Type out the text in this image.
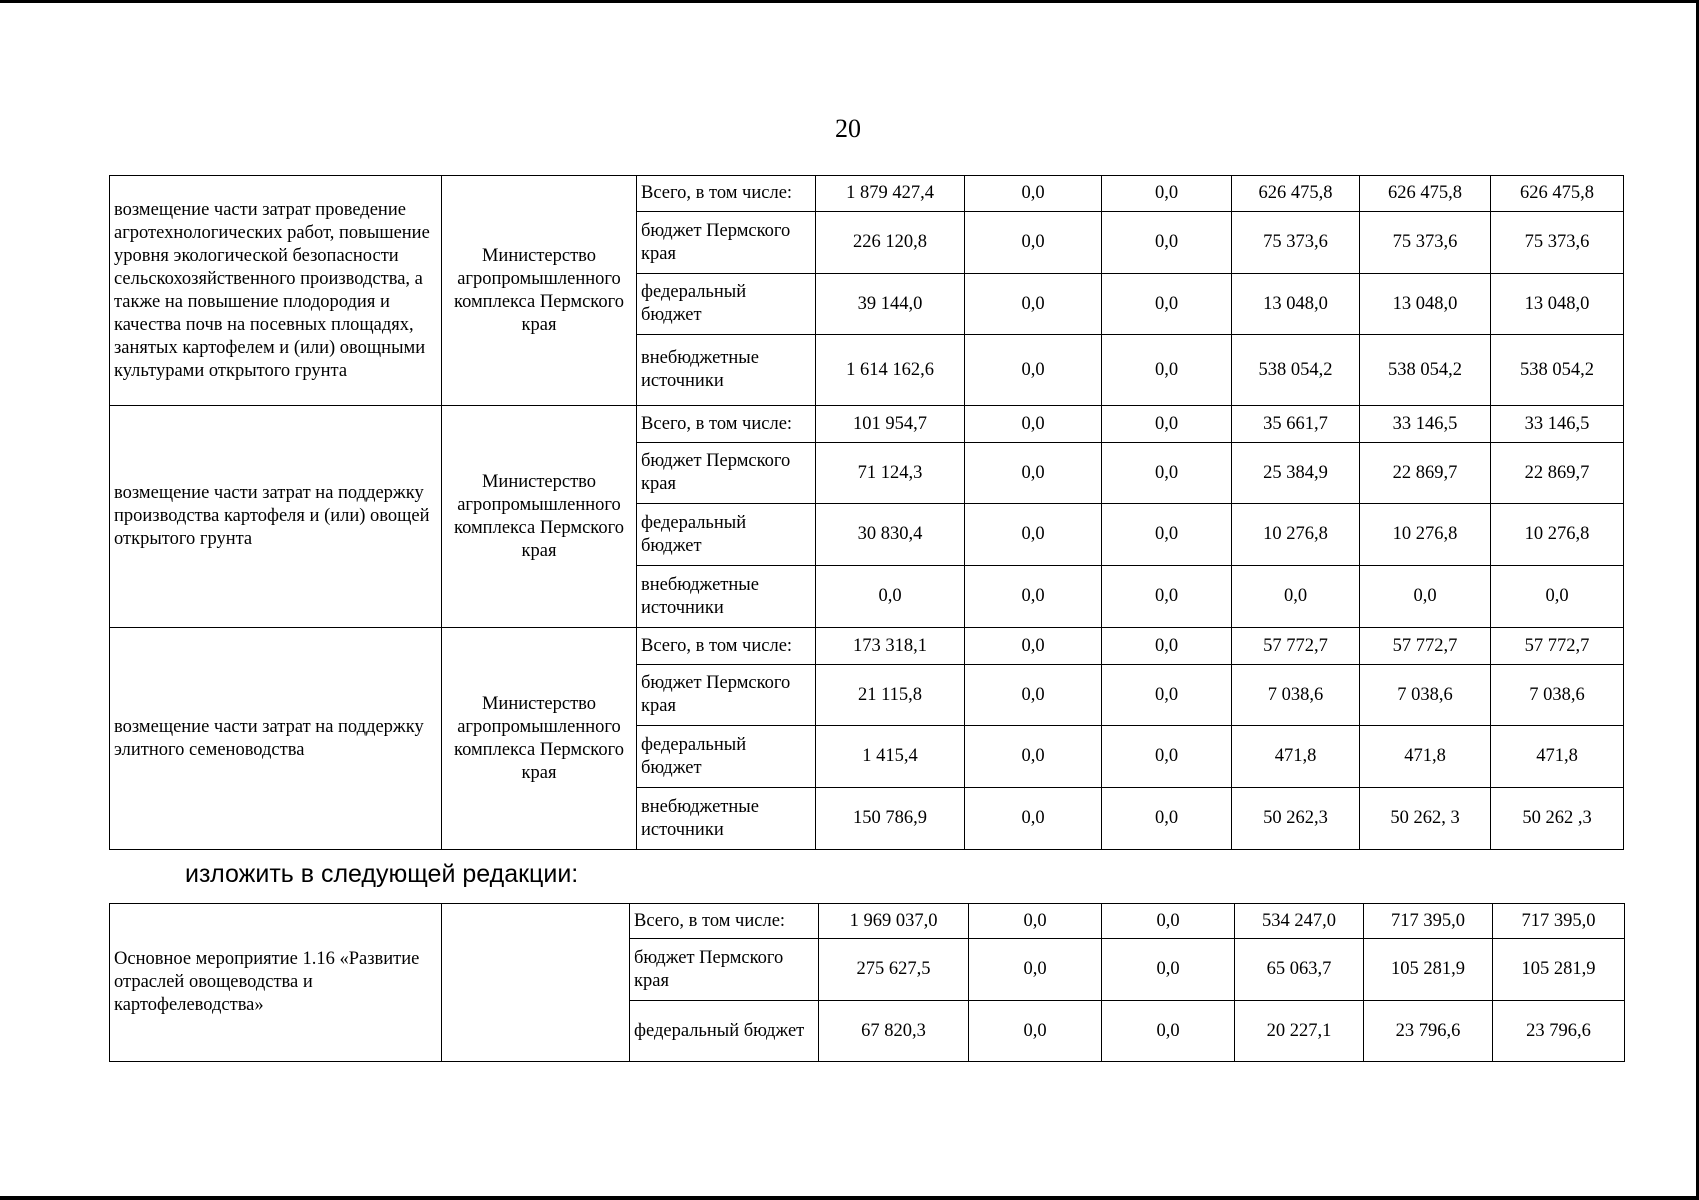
20
возмещение части затрат проведение агротехнологических работ, повышение уровня экологической безопасности сельскохозяйственного производства, а также на повышение плодородия и качества почв на посевных площадях, занятых картофелем и (или) овощными культурами открытого грунта	Министерство агропромышленного комплекса Пермского края	Всего, в том числе:	1 879 427,4	0,0	0,0	626 475,8	626 475,8	626 475,8
		бюджет Пермского края	226 120,8	0,0	0,0	75 373,6	75 373,6	75 373,6
		федеральный бюджет	39 144,0	0,0	0,0	13 048,0	13 048,0	13 048,0
		внебюджетные источники	1 614 162,6	0,0	0,0	538 054,2	538 054,2	538 054,2
возмещение части затрат на поддержку производства картофеля и (или) овощей открытого грунта	Министерство агропромышленного комплекса Пермского края	Всего, в том числе:	101 954,7	0,0	0,0	35 661,7	33 146,5	33 146,5
		бюджет Пермского края	71 124,3	0,0	0,0	25 384,9	22 869,7	22 869,7
		федеральный бюджет	30 830,4	0,0	0,0	10 276,8	10 276,8	10 276,8
		внебюджетные источники	0,0	0,0	0,0	0,0	0,0	0,0
возмещение части затрат на поддержку элитного семеноводства	Министерство агропромышленного комплекса Пермского края	Всего, в том числе:	173 318,1	0,0	0,0	57 772,7	57 772,7	57 772,7
		бюджет Пермского края	21 115,8	0,0	0,0	7 038,6	7 038,6	7 038,6
		федеральный бюджет	1 415,4	0,0	0,0	471,8	471,8	471,8
		внебюджетные источники	150 786,9	0,0	0,0	50 262,3	50 262, 3	50 262 ,3
изложить в следующей редакции:
Основное мероприятие 1.16 «Развитие отраслей овощеводства и картофелеводства»		Всего, в том числе:	1 969 037,0	0,0	0,0	534 247,0	717 395,0	717 395,0
		бюджет Пермского края	275 627,5	0,0	0,0	65 063,7	105 281,9	105 281,9
		федеральный бюджет	67 820,3	0,0	0,0	20 227,1	23 796,6	23 796,6
